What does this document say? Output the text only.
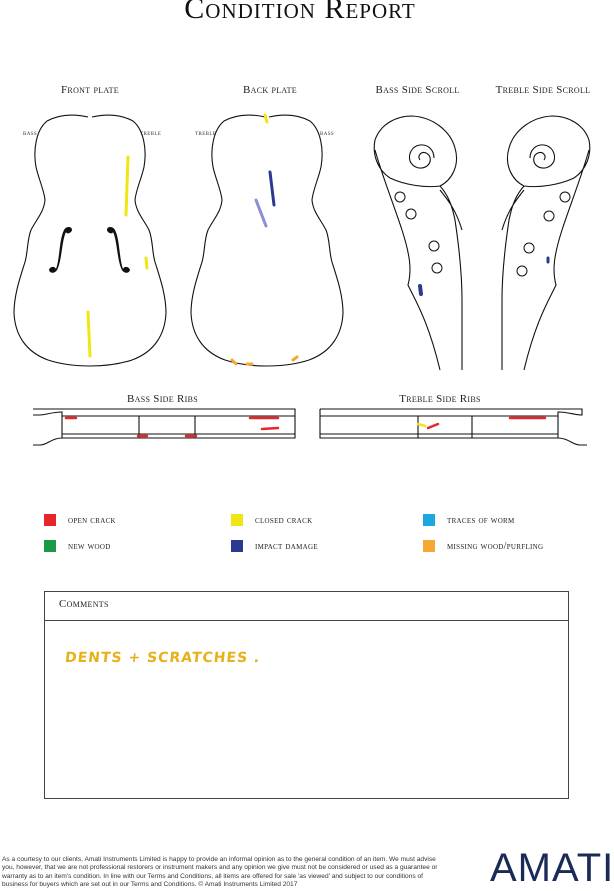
Condition Report
Front plate	Back plate	Bass Side Scroll	Treble Side Scroll
Bass Side Ribs	Treble Side Ribs
bass	treble	treble	bass
open crack	closed crack	traces of worm
new wood	impact damage	missing wood/purfling
Comments
DENTS + SCRATCHES .
As a courtesy to our clients, Amati Instruments Limited is happy to provide an informal opinion as to the general condition of an item. We must advise you, however, that we are not professional restorers or instrument makers and any opinion we give must not be considered or used as a guarantee or warranty as to an item's condition. In line with our Terms and Conditions, all items are offered for sale 'as viewed' and subject to our conditions of business for buyers which are set out in our Terms and Conditions. © Amati Instruments Limited 2017	AMATI
